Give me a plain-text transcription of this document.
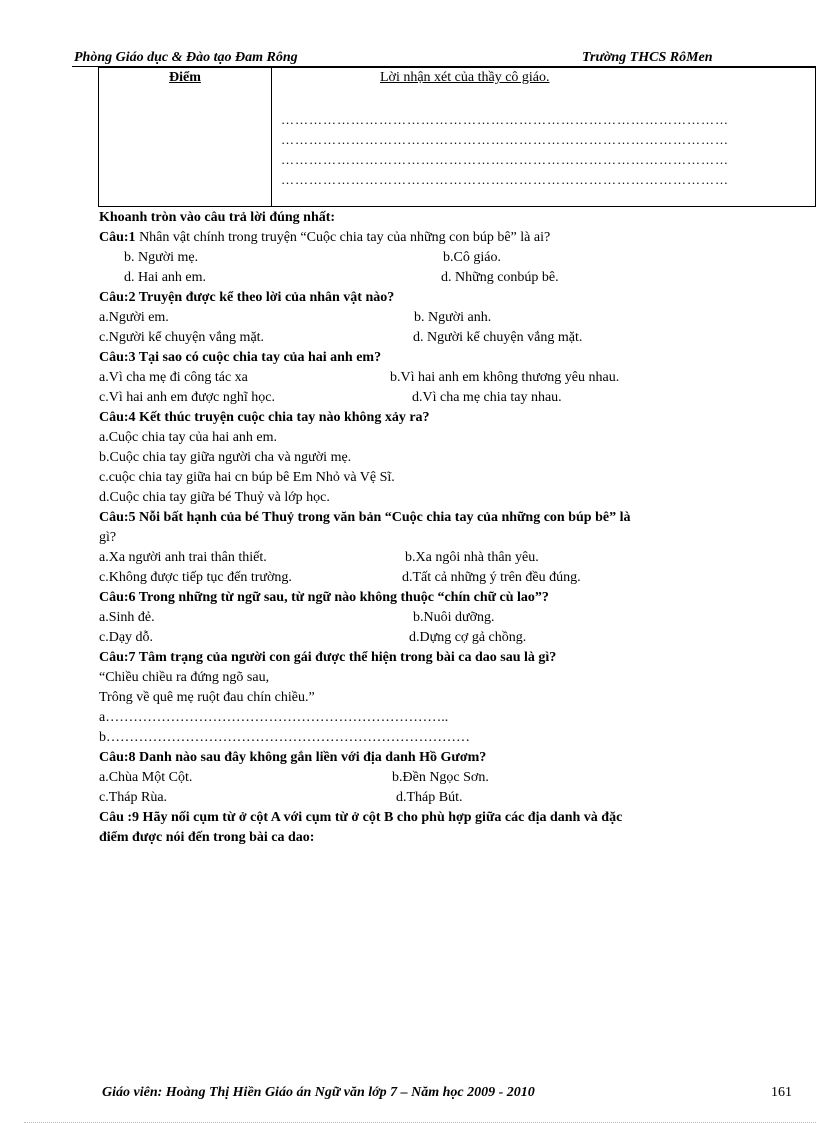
Phòng Giáo dục & Đào tạo Đam Rông	Trường THCS RôMen
Điểm	Lời nhận xét của thầy cô giáo.
……………………………………………………………………………………
……………………………………………………………………………………
……………………………………………………………………………………
……………………………………………………………………………………
Khoanh tròn vào câu trả lời đúng nhất:
Câu:1 Nhân vật chính trong truyện “Cuộc chia tay của những con búp bê” là ai?
b. Người mẹ.	b.Cô giáo.
d. Hai anh em.	d. Những conbúp bê.
Câu:2 Truyện được kể theo lời của nhân vật nào?
a.Người em.	b. Người anh.
c.Người kể chuyện vắng mặt.	d. Người kể chuyện vắng mặt.
Câu:3 Tại sao có cuộc chia tay của hai anh em?
a.Vì cha mẹ đi công tác xa	b.Vì hai anh em không thương yêu nhau.
c.Vì hai anh em được nghĩ học.	d.Vì cha mẹ chia tay nhau.
Câu:4 Kết thúc truyện cuộc chia tay nào không xảy ra?
a.Cuộc chia tay của hai anh em.
b.Cuộc chia tay giữa người cha và người mẹ.
c.cuộc chia tay giữa hai cn búp bê Em Nhỏ và Vệ Sĩ.
d.Cuộc chia tay giữa bé Thuỷ và lớp học.
Câu:5 Nỗi bất hạnh của bé Thuỷ trong văn bản “Cuộc chia tay của những con búp bê” là
gì?
a.Xa người anh trai thân thiết.	b.Xa ngôi nhà thân yêu.
c.Không được tiếp tục đến trường.	d.Tất cả những ý trên đều đúng.
Câu:6 Trong những từ ngữ sau, từ ngữ nào không thuộc “chín chữ cù lao”?
a.Sinh đẻ.	b.Nuôi dưỡng.
c.Dạy dỗ.	d.Dựng cợ gả chồng.
Câu:7 Tâm trạng của người con gái được thể hiện trong bài ca dao sau là gì?
“Chiều chiều ra đứng ngõ sau,
Trông về quê mẹ ruột đau chín chiều.”
a………………………………………………………………..
b……………………………………………………………………
Câu:8 Danh nào sau đây không gắn liền với địa danh Hồ Gươm?
a.Chùa Một Cột.	b.Đền Ngọc Sơn.
c.Tháp Rùa.	d.Tháp Bút.
Câu :9 Hãy nối cụm từ ở cột A với cụm từ ở cột B cho phù hợp giữa các địa danh và đặc
điểm được nói đến trong bài ca dao:
Giáo viên: Hoàng Thị Hiền Giáo án Ngữ văn lớp 7 – Năm học 2009 - 2010	161
